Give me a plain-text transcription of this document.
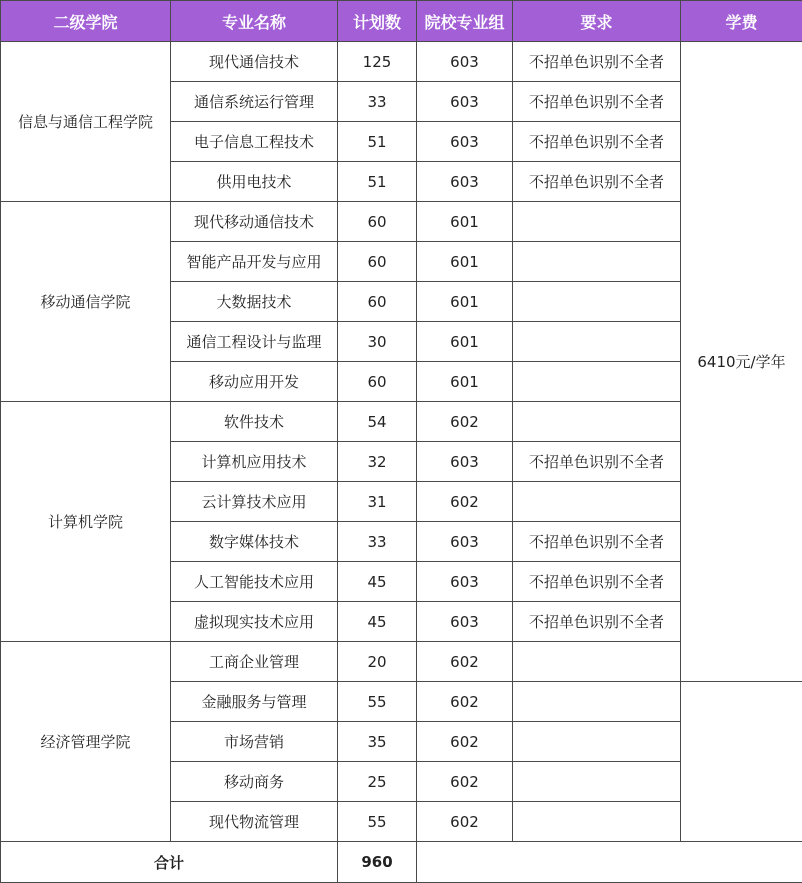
二级学院	专业名称	计划数	院校专业组	要求	学费	
信息与通信工程学院	现代通信技术	125	603	不招单色识别不全者	6410元/学年	
	通信系统运行管理	33	603	不招单色识别不全者		
	电子信息工程技术	51	603	不招单色识别不全者		
	供用电技术	51	603	不招单色识别不全者		
移动通信学院	现代移动通信技术	60	601			
	智能产品开发与应用	60	601			
	大数据技术	60	601			
	通信工程设计与监理	30	601			
	移动应用开发	60	601			
计算机学院	软件技术	54	602			
	计算机应用技术	32	603	不招单色识别不全者		
	云计算技术应用	31	602			
	数字媒体技术	33	603	不招单色识别不全者		
	人工智能技术应用	45	603	不招单色识别不全者		
	虚拟现实技术应用	45	603	不招单色识别不全者		
经济管理学院	工商企业管理	20	602		
	金融服务与管理	55	602			
	市场营销	35	602			
	移动商务	25	602			
	现代物流管理	55	602			
合计		960				
